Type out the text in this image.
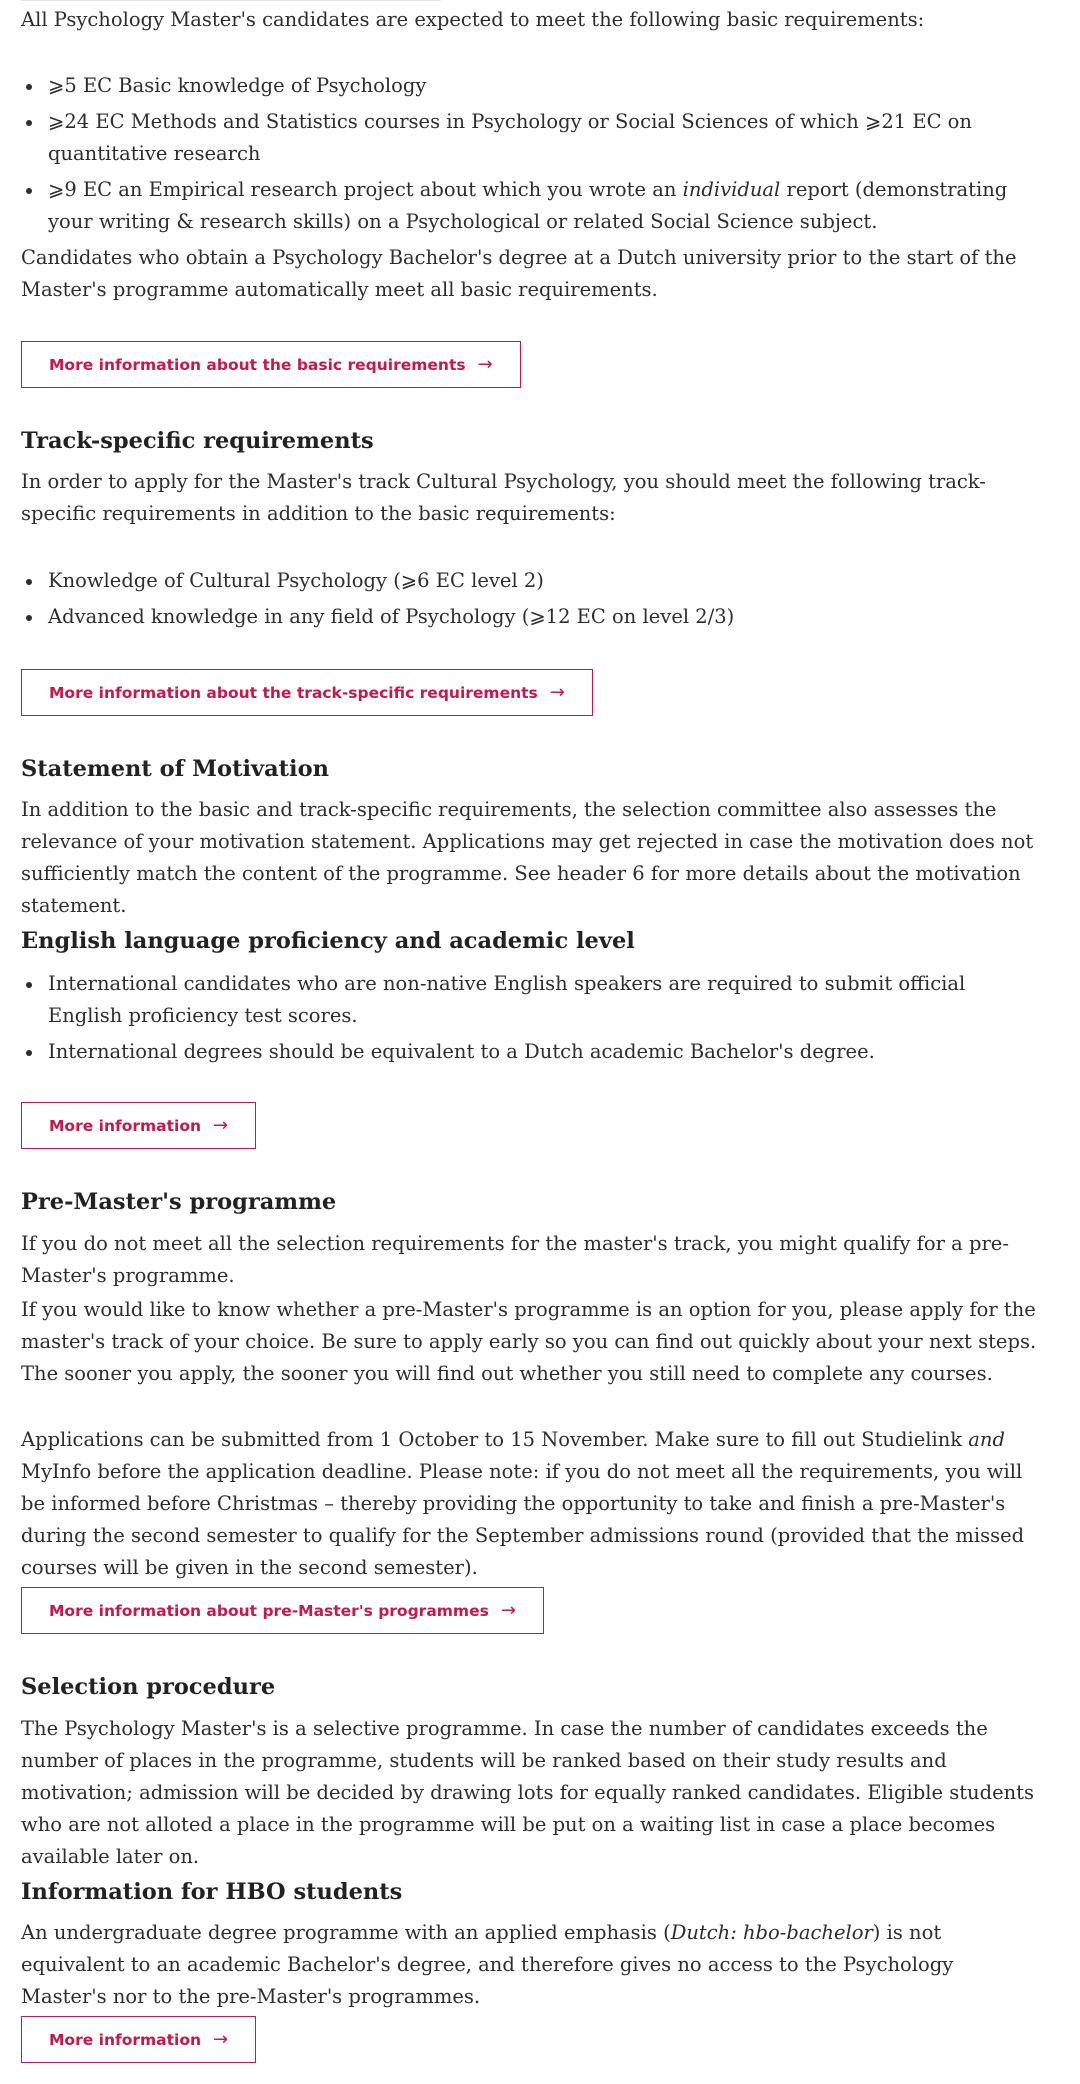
All Psychology Master's candidates are expected to meet the following basic requirements:

⩾5 EC Basic knowledge of Psychology
⩾24 EC Methods and Statistics courses in Psychology or Social Sciences of which ⩾21 EC on quantitative research
⩾9 EC an Empirical research project about which you wrote an individual report (demonstrating your writing & research skills) on a Psychological or related Social Science subject.

Candidates who obtain a Psychology Bachelor's degree at a Dutch university prior to the start of the Master's programme automatically meet all basic requirements.

More information about the basic requirements →
Track-specific requirements

In order to apply for the Master's track Cultural Psychology, you should meet the following track-specific requirements in addition to the basic requirements:

Knowledge of Cultural Psychology (⩾6 EC level 2)
Advanced knowledge in any field of Psychology (⩾12 EC on level 2/3)
More information about the track-specific requirements →
Statement of Motivation

In addition to the basic and track-specific requirements, the selection committee also assesses the relevance of your motivation statement. Applications may get rejected in case the motivation does not sufficiently match the content of the programme. See header 6 for more details about the motivation statement.

English language proficiency and academic level
International candidates who are non-native English speakers are required to submit official English proficiency test scores.
International degrees should be equivalent to a Dutch academic Bachelor's degree.
More information →
Pre-Master's programme

If you do not meet all the selection requirements for the master's track, you might qualify for a pre-Master's programme.

If you would like to know whether a pre-Master's programme is an option for you, please apply for the master's track of your choice. Be sure to apply early so you can find out quickly about your next steps. The sooner you apply, the sooner you will find out whether you still need to complete any courses.

Applications can be submitted from 1 October to 15 November. Make sure to fill out Studielink and MyInfo before the application deadline. Please note: if you do not meet all the requirements, you will be informed before Christmas – thereby providing the opportunity to take and finish a pre-Master's during the second semester to qualify for the September admissions round (provided that the missed courses will be given in the second semester).

More information about pre-Master's programmes →
Selection procedure

The Psychology Master's is a selective programme. In case the number of candidates exceeds the number of places in the programme, students will be ranked based on their study results and motivation; admission will be decided by drawing lots for equally ranked candidates. Eligible students who are not alloted a place in the programme will be put on a waiting list in case a place becomes available later on.

Information for HBO students

An undergraduate degree programme with an applied emphasis (Dutch: hbo-bachelor) is not equivalent to an academic Bachelor's degree, and therefore gives no access to the Psychology Master's nor to the pre-Master's programmes.

More information →
